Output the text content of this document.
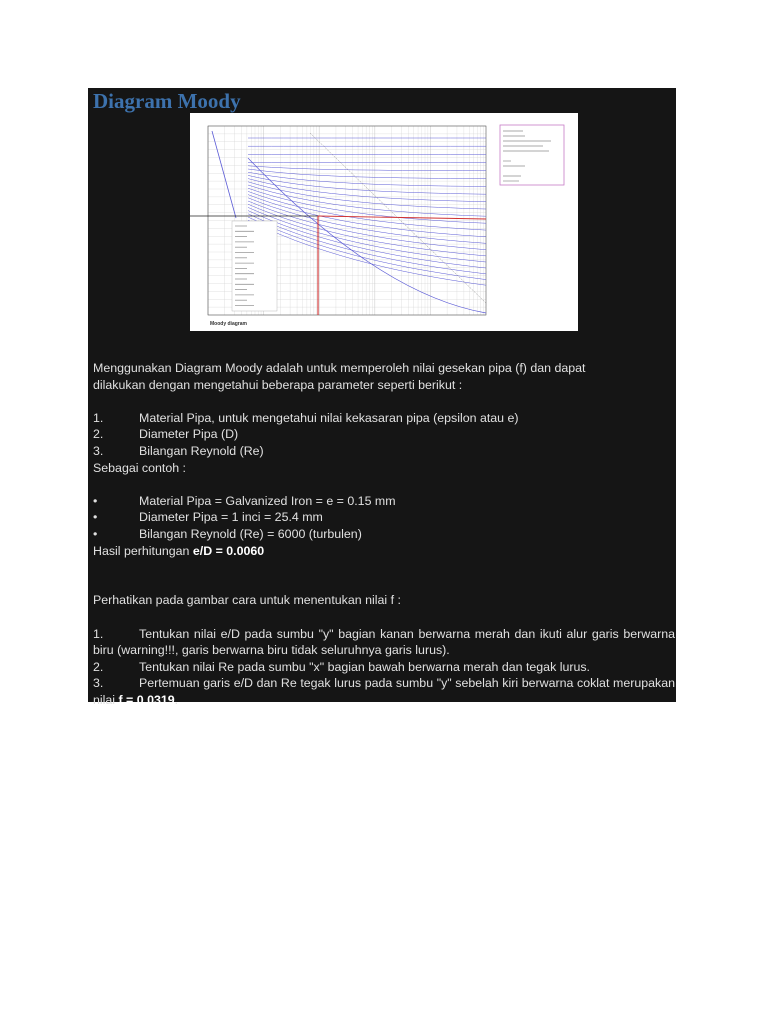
Diagram Moody
Moody diagram

Menggunakan Diagram Moody adalah untuk memperoleh nilai gesekan pipa (f) dan dapat

dilakukan dengan mengetahui beberapa parameter seperti berikut :

1.	Material Pipa, untuk mengetahui nilai kekasaran pipa (epsilon atau e)
2.	Diameter Pipa (D)
3.	Bilangan Reynold (Re)

Sebagai contoh :

•	Material Pipa = Galvanized Iron = e = 0.15 mm
•	Diameter Pipa = 1 inci = 25.4 mm
•	Bilangan Reynold (Re) = 6000 (turbulen)

Hasil perhitungan e/D = 0.0060

Perhatikan pada gambar cara untuk menentukan nilai f :

1.	Tentukan nilai e/D pada sumbu "y" bagian kanan berwarna merah dan ikuti alur garis berwarna biru (warning!!!, garis berwarna biru tidak seluruhnya garis lurus).

2.	Tentukan nilai Re pada sumbu "x" bagian bawah berwarna merah dan tegak lurus.

3.	Pertemuan garis e/D dan Re tegak lurus pada sumbu "y" sebelah kiri berwarna coklat merupakan nilai f = 0.0319.
